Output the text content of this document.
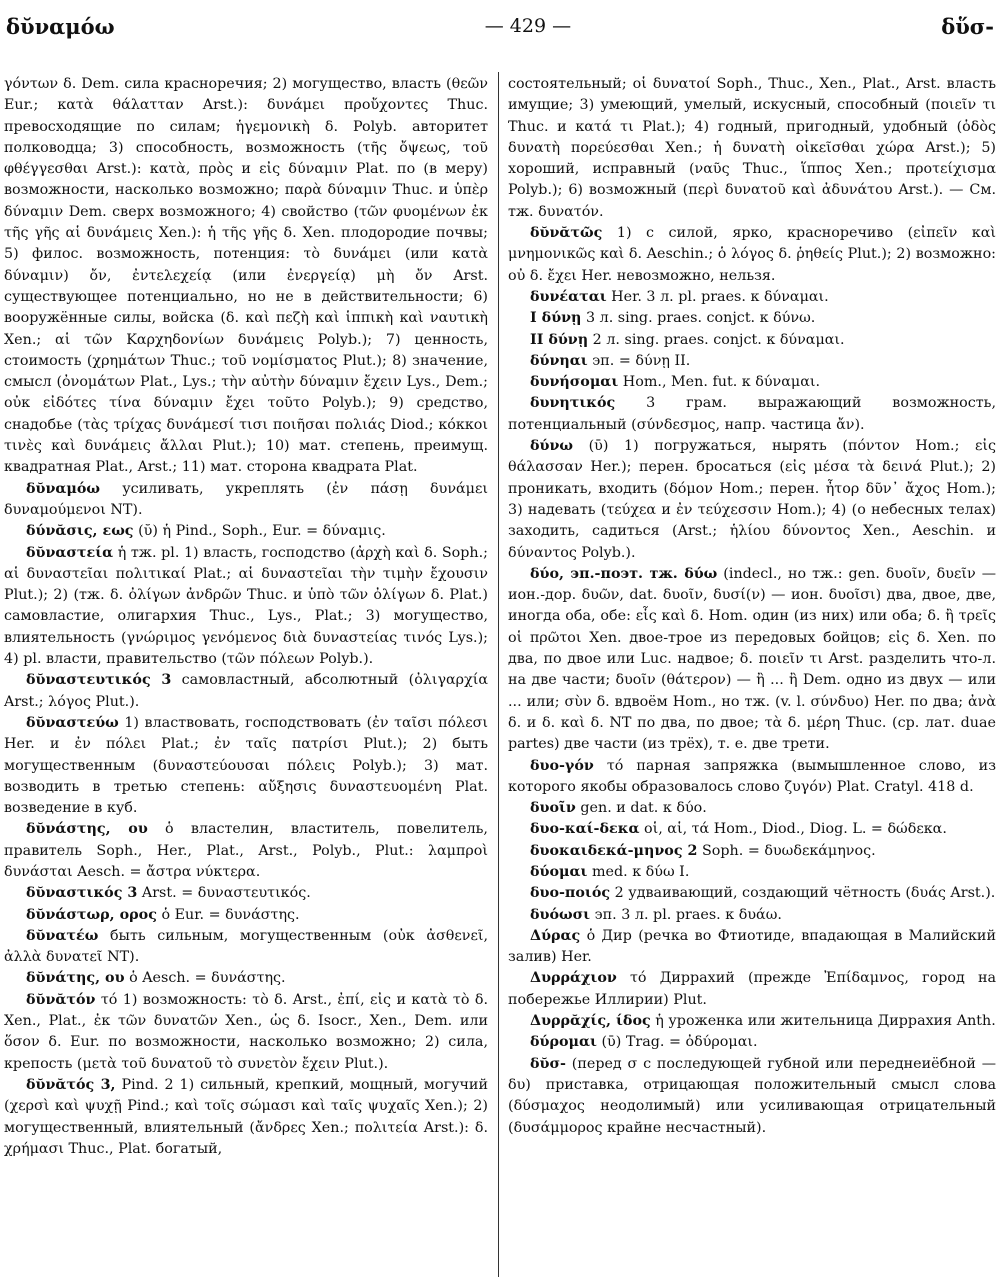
δῠναμόω	— 429 —	δὕσ-

γόντων δ. Dem. сила красноречия; 2) могущество, власть (θεῶν Eur.; κατὰ θάλατταν Arst.): δυνάμει προὔχοντες Thuc. превосходящие по силам; ἡγεμονικὴ δ. Polyb. авторитет полководца; 3) способность, возможность (τῆς ὄψεως, τοῦ φθέγγεσθαι Arst.): κατὰ, πρὸς и εἰς δύναμιν Plat. по (в меру) возможности, насколько возможно; παρὰ δύναμιν Thuc. и ὑπὲρ δύναμιν Dem. сверх возможного; 4) свойство (τῶν φυομένων ἐκ τῆς γῆς αἱ δυνάμεις Xen.): ἡ τῆς γῆς δ. Xen. плодородие почвы; 5) филос. возможность, потенция: τὸ δυνάμει (или κατὰ δύναμιν) ὄν, ἐντελεχείᾳ (или ἐνεργείᾳ) μὴ ὄν Arst. существующее потенциально, но не в действительности; 6) вооружённые силы, войска (δ. καὶ πεζὴ καὶ ἱππικὴ καὶ ναυτικὴ Xen.; αἱ τῶν Καρχηδονίων δυνάμεις Polyb.); 7) ценность, стоимость (χρημάτων Thuc.; τοῦ νομίσματος Plut.); 8) значение, смысл (ὀνομάτων Plat., Lys.; τὴν αὐτὴν δύναμιν ἔχειν Lys., Dem.; οὐκ εἰδότες τίνα δύναμιν ἔχει τοῦτο Polyb.); 9) средство, снадобье (τὰς τρίχας δυνάμεσί τισι ποιῆσαι πολιάς Diod.; κόκκοι τινὲς καὶ δυνάμεις ἄλλαι Plut.); 10) мат. степень, преимущ. квадратная Plat., Arst.; 11) мат. сторона квадрата Plat.

δῠναμόω усиливать, укреплять (ἐν πάσῃ δυνάμει δυναμούμενοι NT).

δύνᾰσις, εως (ῠ) ἡ Pind., Soph., Eur. = δύναμις.

δῠναστεία ἡ тж. pl. 1) власть, господство (ἀρχὴ καὶ δ. Soph.; αἱ δυναστεῖαι πολιτικαί Plat.; αἱ δυναστεῖαι τὴν τιμὴν ἔχουσιν Plut.); 2) (тж. δ. ὀλίγων ἀνδρῶν Thuc. и ὑπὸ τῶν ὀλίγων δ. Plat.) самовластие, олигархия Thuc., Lys., Plat.; 3) могущество, влиятельность (γνώριμος γενόμενος διὰ δυναστείας τινός Lys.); 4) pl. власти, правительство (τῶν πόλεων Polyb.).

δῠναστευτικός 3 самовластный, абсолютный (ὀλιγαρχία Arst.; λόγος Plut.).

δῠναστεύω 1) властвовать, господствовать (ἐν ταῖσι πόλεσι Her. и ἐν πόλει Plat.; ἐν ταῖς πατρίσι Plut.); 2) быть могущественным (δυναστεύουσαι πόλεις Polyb.); 3) мат. возводить в третью степень: αὔξησις δυναστευομένη Plat. возведение в куб.

δῠνάστης, ου ὁ властелин, властитель, повелитель, правитель Soph., Her., Plat., Arst., Polyb., Plut.: λαμπροὶ δυνάσται Aesch. = ἄστρα νύκτερα.

δῠναστικός 3 Arst. = δυναστευτικός.

δῠνάστωρ, ορος ὁ Eur. = δυνάστης.

δῠνατέω быть сильным, могущественным (οὐκ ἀσθενεῖ, ἀλλὰ δυνατεῖ NT).

δῠνάτης, ου ὁ Aesch. = δυνάστης.

δῠνᾰτόν τό 1) возможность: τὸ δ. Arst., ἐπί, εἰς и κατὰ τὸ δ. Xen., Plat., ἐκ τῶν δυνατῶν Xen., ὡς δ. Isocr., Xen., Dem. или ὅσον δ. Eur. по возможности, насколько возможно; 2) сила, крепость (μετὰ τοῦ δυνατοῦ τὸ συνετὸν ἔχειν Plut.).

δῠνᾰτός 3, Pind. 2 1) сильный, крепкий, мощный, могучий (χερσὶ καὶ ψυχῇ Pind.; καὶ τοῖς σώμασι καὶ ταῖς ψυχαῖς Xen.); 2) могущественный, влиятельный (ἄνδρες Xen.; πολιτεία Arst.): δ. χρήμασι Thuc., Plat. богатый,

состоятельный; οἱ δυνατοί Soph., Thuc., Xen., Plat., Arst. власть имущие; 3) умеющий, умелый, искусный, способный (ποιεῖν τι Thuc. и κατά τι Plat.); 4) годный, пригодный, удобный (ὁδὸς δυνατὴ πορεύεσθαι Xen.; ἡ δυνατὴ οἰκεῖσθαι χώρα Arst.); 5) хороший, исправный (ναῦς Thuc., ἵππος Xen.; προτείχισμα Polyb.); 6) возможный (περὶ δυνατοῦ καὶ ἀδυνάτου Arst.). — См. тж. δυνατόν.

δῠνᾰτῶς 1) с силой, ярко, красноречиво (εἰπεῖν καὶ μνημονικῶς καὶ δ. Aeschin.; ὁ λόγος δ. ῥηθείς Plut.); 2) возможно: οὐ δ. ἔχει Her. невозможно, нельзя.

δυνέαται Her. 3 л. pl. praes. к δύναμαι.

I δύνῃ 3 л. sing. praes. conjct. к δύνω.

II δύνῃ 2 л. sing. praes. conjct. к δύναμαι.

δύνηαι эп. = δύνῃ II.

δυνήσομαι Hom., Men. fut. к δύναμαι.

δυνητικός 3 грам. выражающий возможность, потенциальный (σύνδεσμος, напр. частица ἄν).

δύνω (ῡ) 1) погружаться, нырять (πόντον Hom.; εἰς θάλασσαν Her.); перен. бросаться (εἰς μέσα τὰ δεινά Plut.); 2) проникать, входить (δόμον Hom.; перен. ἦτορ δῦν᾽ ἄχος Hom.); 3) надевать (τεύχεα и ἐν τεύχεσσιν Hom.); 4) (о небесных телах) заходить, садиться (Arst.; ἡλίου δύνοντος Xen., Aeschin. и δύναντος Polyb.).

δύο, эп.-поэт. тж. δύω (indecl., но тж.: gen. δυοῖν, δυεῖν — ион.-дор. δυῶν, dat. δυοῖν, δυσί(ν) — ион. δυοῖσι) два, двое, две, иногда оба, обе: εἷς καὶ δ. Hom. один (из них) или оба; δ. ἢ τρεῖς οἱ πρῶτοι Xen. двое-трое из передовых бойцов; εἰς δ. Xen. по два, по двое или Luc. надвое; δ. ποιεῖν τι Arst. разделить что-л. на две части; δυοῖν (θάτερον) — ἢ ... ἢ Dem. одно из двух — или ... или; σὺν δ. вдвоём Hom., но тж. (v. l. σύνδυο) Her. по два; ἀνὰ δ. и δ. καὶ δ. NT по два, по двое; τὰ δ. μέρη Thuc. (ср. лат. duae partes) две части (из трёх), т. е. две трети.

δυο-γόν τό парная запряжка (вымышленное слово, из которого якобы образовалось слово ζυγόν) Plat. Cratyl. 418 d.

δυοῖν gen. и dat. к δύο.

δυο-καί-δεκα οἱ, αἱ, τά Hom., Diod., Diog. L. = δώδεκα.

δυοκαιδεκά-μηνος 2 Soph. = δυωδεκάμηνος.

δύομαι med. к δύω I.

δυο-ποιός 2 удваивающий, создающий чётность (δυάς Arst.).

δυόωσι эп. 3 л. pl. praes. к δυάω.

Δύρας ὁ Дир (речка во Фтиотиде, впадающая в Малийский залив) Her.

Δυρράχιον τό Диррахий (прежде Ἐπίδαμνος, город на побережье Иллирии) Plut.

Δυρρᾰχίς, ίδος ἡ уроженка или жительница Диррахия Anth.

δύρομαι (ῡ) Trag. = ὀδύρομαι.

δῠσ- (перед σ с последующей губной или переднеиёбной — δυ) приставка, отрицающая положительный смысл слова (δύσμαχος неодолимый) или усиливающая отрицательный (δυσάμμορος крайне несчастный).
